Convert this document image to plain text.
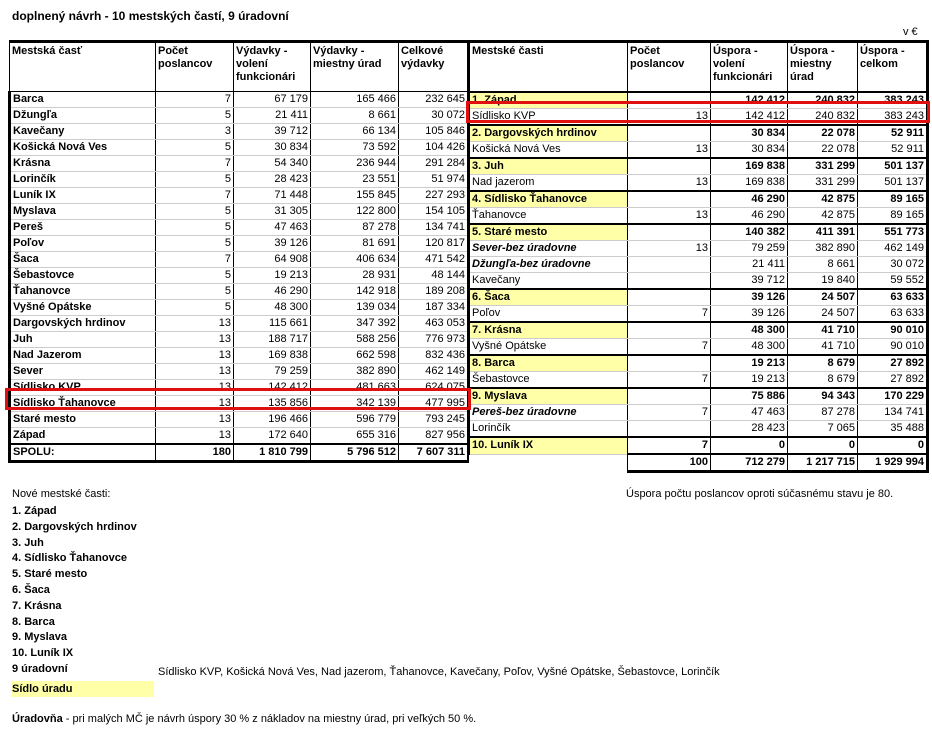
doplnený návrh - 10 mestských častí, 9 úradovní
v €
Mestská časť	Počet poslancov	Výdavky - volení funkcionári	Výdavky - miestny úrad	Celkové výdavky
Barca	7	67 179	165 466	232 645
Džungľa	5	21 411	8 661	30 072
Kavečany	3	39 712	66 134	105 846
Košická Nová Ves	5	30 834	73 592	104 426
Krásna	7	54 340	236 944	291 284
Lorinčík	5	28 423	23 551	51 974
Luník IX	7	71 448	155 845	227 293
Myslava	5	31 305	122 800	154 105
Pereš	5	47 463	87 278	134 741
Poľov	5	39 126	81 691	120 817
Šaca	7	64 908	406 634	471 542
Šebastovce	5	19 213	28 931	48 144
Ťahanovce	5	46 290	142 918	189 208
Vyšné Opátske	5	48 300	139 034	187 334
Dargovských hrdinov	13	115 661	347 392	463 053
Juh	13	188 717	588 256	776 973
Nad Jazerom	13	169 838	662 598	832 436
Sever	13	79 259	382 890	462 149
Sídlisko KVP	13	142 412	481 663	624 075
Sídlisko Ťahanovce	13	135 856	342 139	477 995
Staré mesto	13	196 466	596 779	793 245
Západ	13	172 640	655 316	827 956
SPOLU:	180	1 810 799	5 796 512	7 607 311
Mestské časti	Počet poslancov	Úspora - volení funkcionári	Úspora - miestny úrad	Úspora - celkom
1. Západ		142 412	240 832	383 243
Sídlisko KVP	13	142 412	240 832	383 243
2. Dargovských hrdinov		30 834	22 078	52 911
Košická Nová Ves	13	30 834	22 078	52 911
3. Juh		169 838	331 299	501 137
Nad jazerom	13	169 838	331 299	501 137
4. Sídlisko Ťahanovce		46 290	42 875	89 165
Ťahanovce	13	46 290	42 875	89 165
5. Staré mesto		140 382	411 391	551 773
Sever-bez úradovne	13	79 259	382 890	462 149
Džungľa-bez úradovne		21 411	8 661	30 072
Kavečany		39 712	19 840	59 552
6. Šaca		39 126	24 507	63 633
Poľov	7	39 126	24 507	63 633
7. Krásna		48 300	41 710	90 010
Vyšné Opátske	7	48 300	41 710	90 010
8. Barca		19 213	8 679	27 892
Šebastovce	7	19 213	8 679	27 892
9. Myslava		75 886	94 343	170 229
Pereš-bez úradovne	7	47 463	87 278	134 741
Lorinčík		28 423	7 065	35 488
10. Luník IX	7	0	0	0
	100	712 279	1 217 715	1 929 994
Nové mestské časti:	Úspora počtu poslancov oproti súčasnému stavu je 80.
1. Západ
2. Dargovských hrdinov
3. Juh
4. Sídlisko Ťahanovce
5. Staré mesto
6. Šaca
7. Krásna
8. Barca
9. Myslava
10. Luník IX
9 úradovní	Sídlisko KVP, Košická Nová Ves, Nad jazerom, Ťahanovce, Kavečany, Poľov, Vyšné Opátske, Šebastovce, Lorinčík
Sídlo úradu
Úradovňa - pri malých MČ je návrh úspory 30 % z nákladov na miestny úrad, pri veľkých 50 %.
